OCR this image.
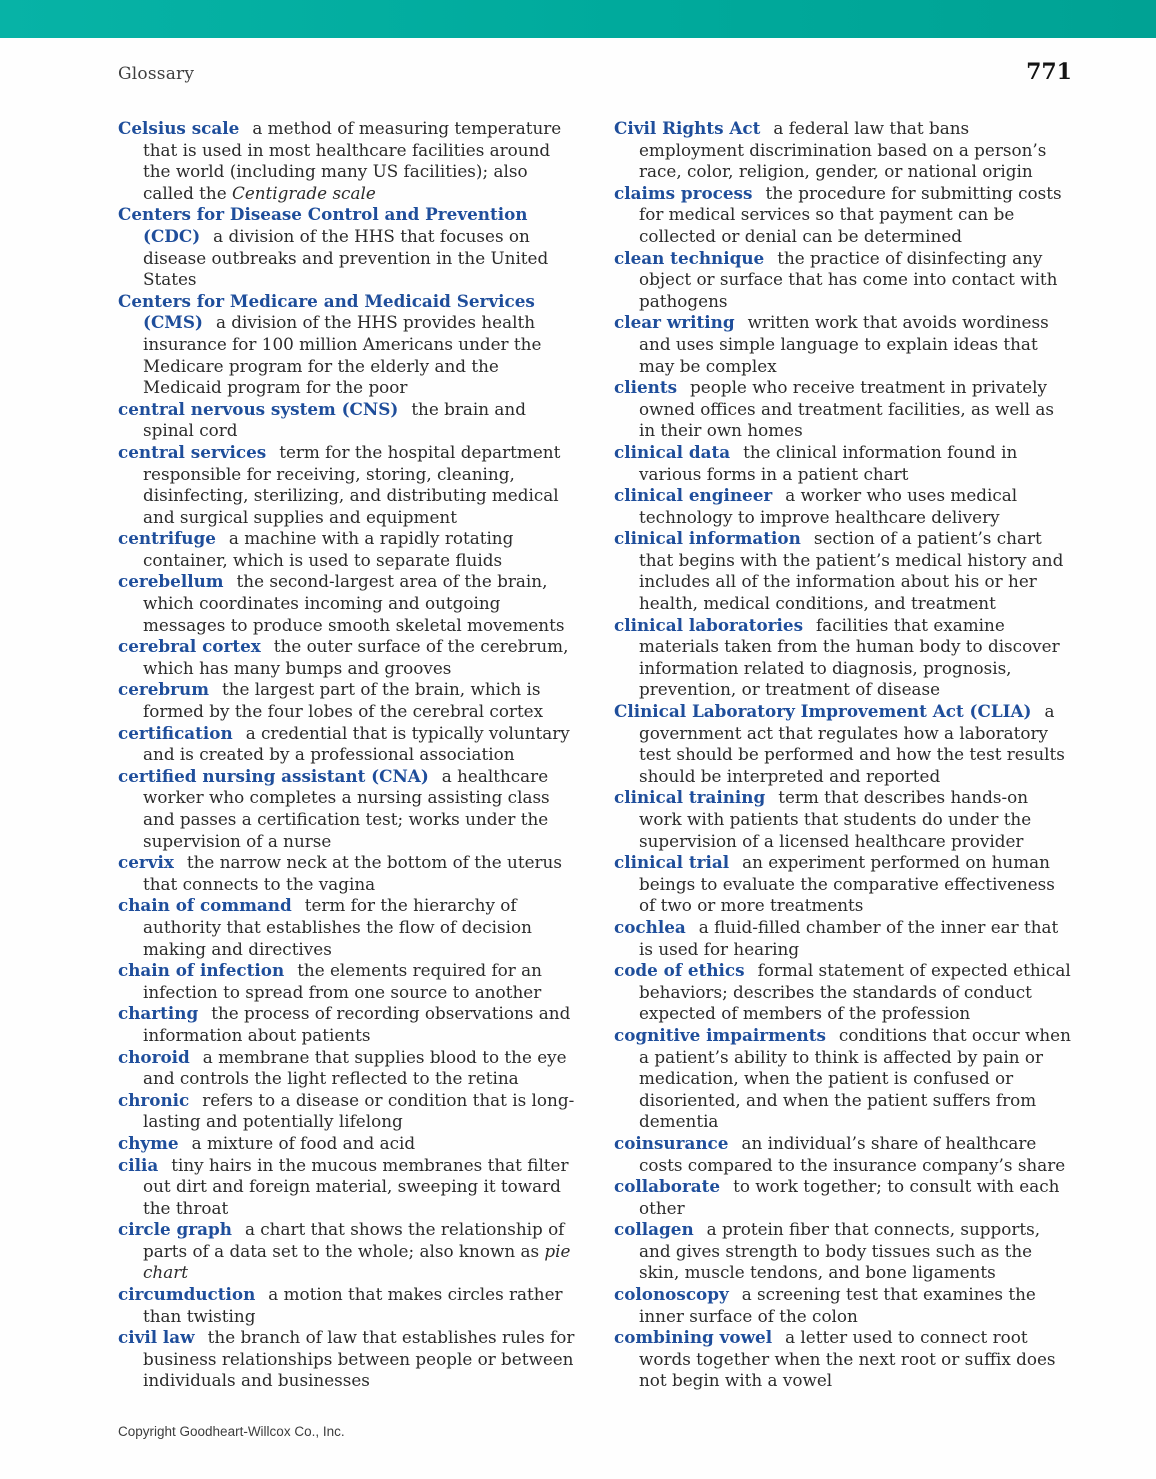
Glossary	771

Celsius scale a method of measuring temperature that is used in most healthcare facilities around the world (including many US facilities); also called the Centigrade scale

Centers for Disease Control and Prevention (CDC) a division of the HHS that focuses on disease outbreaks and prevention in the United States

Centers for Medicare and Medicaid Services (CMS) a division of the HHS provides health insurance for 100 million Americans under the Medicare program for the elderly and the Medicaid program for the poor

central nervous system (CNS) the brain and spinal cord

central services term for the hospital department responsible for receiving, storing, cleaning, disinfecting, sterilizing, and distributing medical and surgical supplies and equipment

centrifuge a machine with a rapidly rotating container, which is used to separate fluids

cerebellum the second-largest area of the brain, which coordinates incoming and outgoing messages to produce smooth skeletal movements

cerebral cortex the outer surface of the cerebrum, which has many bumps and grooves

cerebrum the largest part of the brain, which is formed by the four lobes of the cerebral cortex

certification a credential that is typically voluntary and is created by a professional association

certified nursing assistant (CNA) a healthcare worker who completes a nursing assisting class and passes a certification test; works under the supervision of a nurse

cervix the narrow neck at the bottom of the uterus that connects to the vagina

chain of command term for the hierarchy of authority that establishes the flow of decision making and directives

chain of infection the elements required for an infection to spread from one source to another

charting the process of recording observations and information about patients

choroid a membrane that supplies blood to the eye and controls the light reflected to the retina

chronic refers to a disease or condition that is long-lasting and potentially lifelong

chyme a mixture of food and acid

cilia tiny hairs in the mucous membranes that filter out dirt and foreign material, sweeping it toward the throat

circle graph a chart that shows the relationship of parts of a data set to the whole; also known as pie chart

circumduction a motion that makes circles rather than twisting

civil law the branch of law that establishes rules for business relationships between people or between individuals and businesses

Civil Rights Act a federal law that bans employment discrimination based on a person’s race, color, religion, gender, or national origin

claims process the procedure for submitting costs for medical services so that payment can be collected or denial can be determined

clean technique the practice of disinfecting any object or surface that has come into contact with pathogens

clear writing written work that avoids wordiness and uses simple language to explain ideas that may be complex

clients people who receive treatment in privately owned offices and treatment facilities, as well as in their own homes

clinical data the clinical information found in various forms in a patient chart

clinical engineer a worker who uses medical technology to improve healthcare delivery

clinical information section of a patient’s chart that begins with the patient’s medical history and includes all of the information about his or her health, medical conditions, and treatment

clinical laboratories facilities that examine materials taken from the human body to discover information related to diagnosis, prognosis, prevention, or treatment of disease

Clinical Laboratory Improvement Act (CLIA) a government act that regulates how a laboratory test should be performed and how the test results should be interpreted and reported

clinical training term that describes hands-on work with patients that students do under the supervision of a licensed healthcare provider

clinical trial an experiment performed on human beings to evaluate the comparative effectiveness of two or more treatments

cochlea a fluid-filled chamber of the inner ear that is used for hearing

code of ethics formal statement of expected ethical behaviors; describes the standards of conduct expected of members of the profession

cognitive impairments conditions that occur when a patient’s ability to think is affected by pain or medication, when the patient is confused or disoriented, and when the patient suffers from dementia

coinsurance an individual’s share of healthcare costs compared to the insurance company’s share

collaborate to work together; to consult with each other

collagen a protein fiber that connects, supports, and gives strength to body tissues such as the skin, muscle tendons, and bone ligaments

colonoscopy a screening test that examines the inner surface of the colon

combining vowel a letter used to connect root words together when the next root or suffix does not begin with a vowel

Copyright Goodheart-Willcox Co., Inc.
